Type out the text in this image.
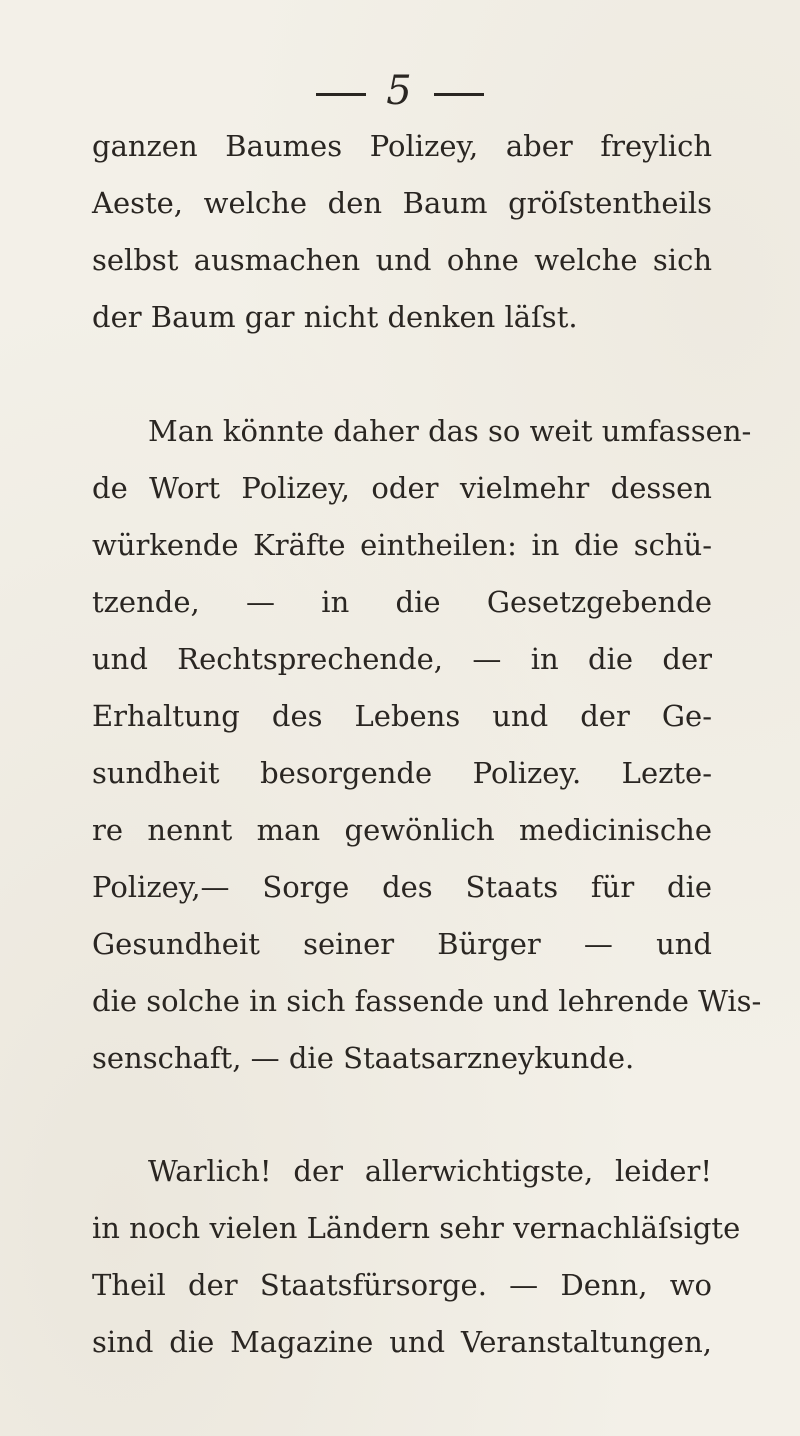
5
ganzen Baumes Polizey, aber freylich
Aeste, welche den Baum gröſstentheils
selbst ausmachen und ohne welche sich
der Baum gar nicht denken läſst.
Man könnte daher das so weit umfassen-
de Wort Polizey, oder vielmehr dessen
würkende Kräfte eintheilen: in die schü-
tzende, — in die Gesetzgebende
und Rechtsprechende, — in die der
Erhaltung des Lebens und der Ge-
sundheit besorgende Polizey. Lezte-
re nennt man gewönlich medicinische
Polizey,— Sorge des Staats für die
Gesundheit seiner Bürger — und
die solche in sich fassende und lehrende Wis-
senschaft, — die Staatsarzneykunde.
Warlich! der allerwichtigste, leider!
in noch vielen Ländern sehr vernachläſsigte
Theil der Staatsfürsorge. — Denn, wo
sind die Magazine und Veranstaltungen,
